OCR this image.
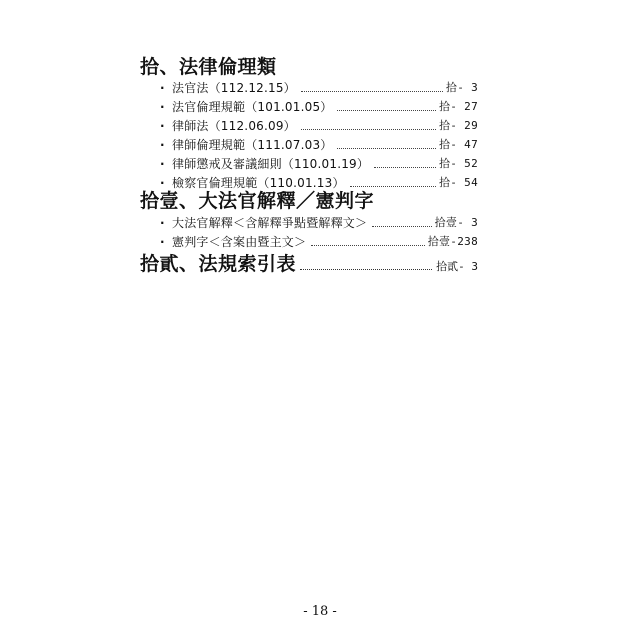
拾、法律倫理類
· 法官法（112.12.15）	拾- 3
· 法官倫理規範（101.01.05）	拾- 27
· 律師法（112.06.09）	拾- 29
· 律師倫理規範（111.07.03）	拾- 47
· 律師懲戒及審議細則（110.01.19）	拾- 52
· 檢察官倫理規範（110.01.13）	拾- 54
拾壹、大法官解釋／憲判字
· 大法官解釋＜含解釋爭點暨解釋文＞	拾壹- 3
· 憲判字＜含案由暨主文＞	拾壹-238
拾貳、法規索引表	拾貳- 3
- 18 -
